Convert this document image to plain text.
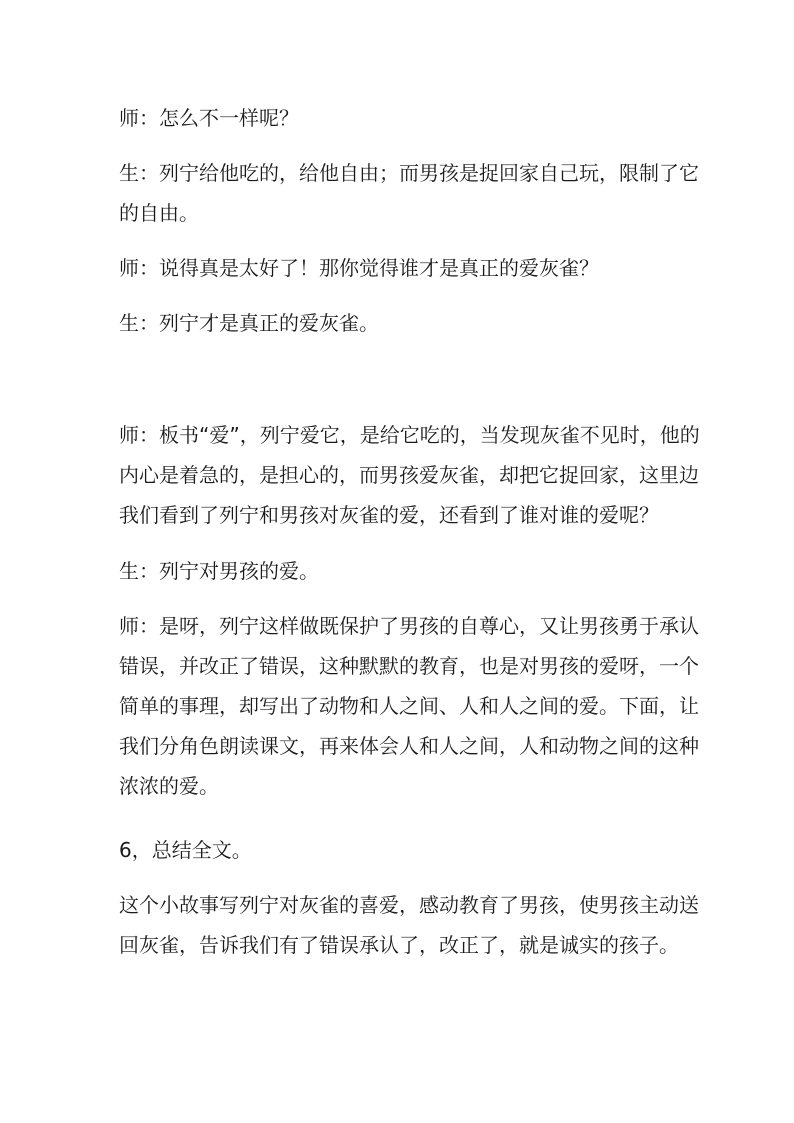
师：怎么不一样呢？
生：列宁给他吃的，给他自由；而男孩是捉回家自己玩，限制了它
的自由。
师：说得真是太好了！那你觉得谁才是真正的爱灰雀？
生：列宁才是真正的爱灰雀。
师：板书“爱”，列宁爱它，是给它吃的，当发现灰雀不见时，他的
内心是着急的，是担心的，而男孩爱灰雀，却把它捉回家，这里边
我们看到了列宁和男孩对灰雀的爱，还看到了谁对谁的爱呢？
生：列宁对男孩的爱。
师：是呀，列宁这样做既保护了男孩的自尊心，又让男孩勇于承认
错误，并改正了错误，这种默默的教育，也是对男孩的爱呀，一个
简单的事理，却写出了动物和人之间、人和人之间的爱。下面，让
我们分角色朗读课文，再来体会人和人之间，人和动物之间的这种
浓浓的爱。
6，总结全文。
这个小故事写列宁对灰雀的喜爱，感动教育了男孩，使男孩主动送
回灰雀，告诉我们有了错误承认了，改正了，就是诚实的孩子。
